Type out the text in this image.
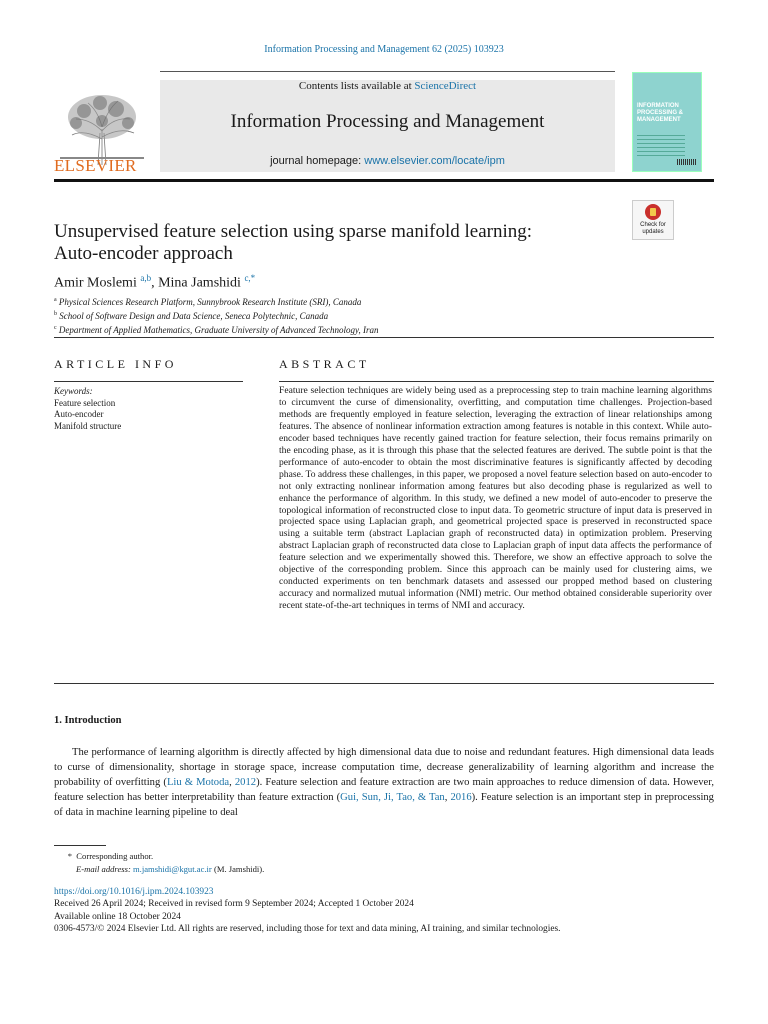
Information Processing and Management 62 (2025) 103923
ELSEVIER
Contents lists available at ScienceDirect
Information Processing and Management
journal homepage: www.elsevier.com/locate/ipm
INFORMATION PROCESSING & MANAGEMENT
Unsupervised feature selection using sparse manifold learning:
Auto-encoder approach
Check for updates
Amir Moslemi $^{a,b}$, Mina Jamshidi $^{c,*}$
$^a$ Physical Sciences Research Platform, Sunnybrook Research Institute (SRI), Canada
$^b$ School of Software Design and Data Science, Seneca Polytechnic, Canada
$^c$ Department of Applied Mathematics, Graduate University of Advanced Technology, Iran
ARTICLE INFO	ABSTRACT
Keywords:
Feature selection
Auto-encoder
Manifold structure
Feature selection techniques are widely being used as a preprocessing step to train machine learning algorithms to circumvent the curse of dimensionality, overfitting, and computation time challenges. Projection-based methods are frequently employed in feature selection, leveraging the extraction of linear relationships among features. The absence of nonlinear information extraction among features is notable in this context. While auto-encoder based techniques have recently gained traction for feature selection, their focus remains primarily on the encoding phase, as it is through this phase that the selected features are derived. The subtle point is that the performance of auto-encoder to obtain the most discriminative features is significantly affected by decoding phase. To address these challenges, in this paper, we proposed a novel feature selection based on auto-encoder to not only extracting nonlinear information among features but also decoding phase is regularized as well to enhance the performance of algorithm. In this study, we defined a new model of auto-encoder to preserve the topological information of reconstructed close to input data. To geometric structure of input data is preserved in projected space using Laplacian graph, and geometrical projected space is preserved in reconstructed space using a suitable term (abstract Laplacian graph of reconstructed data) in optimization problem. Preserving abstract Laplacian graph of reconstructed data close to Laplacian graph of input data affects the performance of feature selection and we experimentally showed this. Therefore, we show an effective approach to solve the objective of the corresponding problem. Since this approach can be mainly used for clustering aims, we conducted experiments on ten benchmark datasets and assessed our propped method based on clustering accuracy and normalized mutual information (NMI) metric. Our method obtained considerable superiority over recent state-of-the-art techniques in terms of NMI and accuracy.
1. Introduction
The performance of learning algorithm is directly affected by high dimensional data due to noise and redundant features. High dimensional data leads to curse of dimensionality, shortage in storage space, increase computation time, decrease generalizability of learning algorithm and increase the probability of overfitting (Liu & Motoda, 2012). Feature selection and feature extraction are two main approaches to reduce dimension of data. However, feature selection has better interpretability than feature extraction (Gui, Sun, Ji, Tao, & Tan, 2016). Feature selection is an important step in preprocessing of data in machine learning pipeline to deal
* Corresponding author.
E-mail address: m.jamshidi@kgut.ac.ir (M. Jamshidi).
https://doi.org/10.1016/j.ipm.2024.103923
Received 26 April 2024; Received in revised form 9 September 2024; Accepted 1 October 2024
Available online 18 October 2024
0306-4573/© 2024 Elsevier Ltd. All rights are reserved, including those for text and data mining, AI training, and similar technologies.
